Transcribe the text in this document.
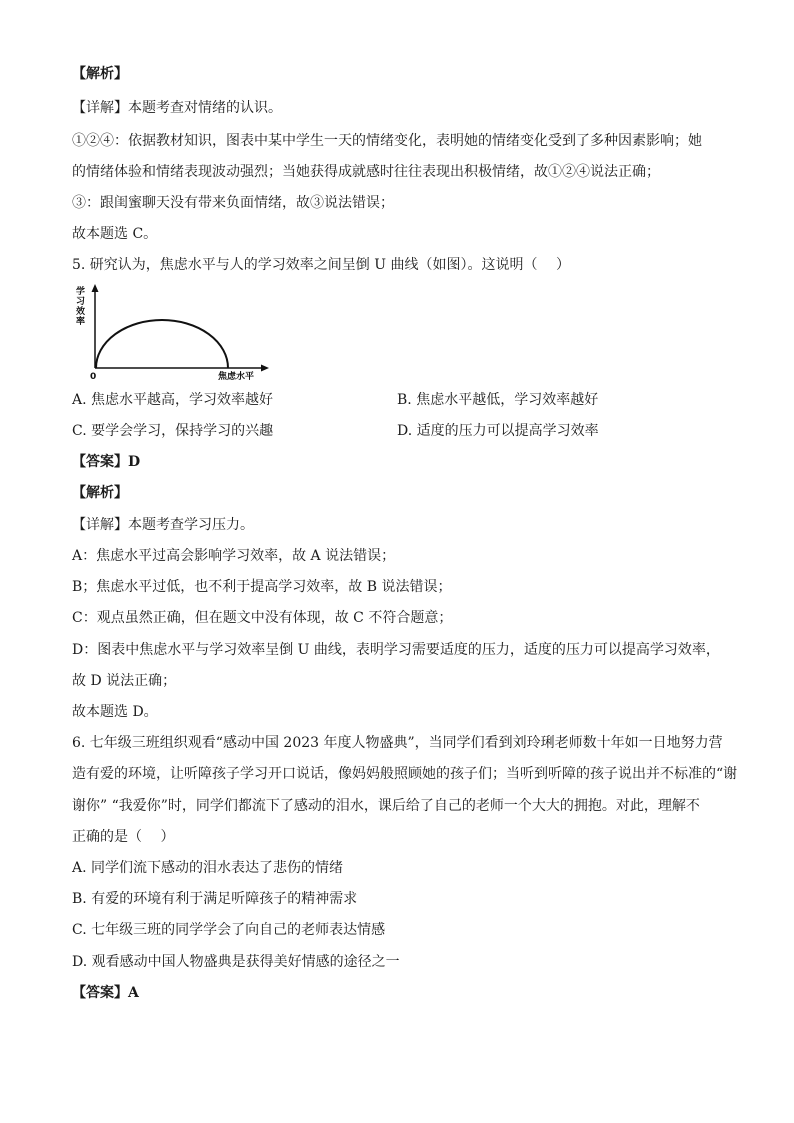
【解析】
【详解】本题考查对情绪的认识。
①②④：依据教材知识，图表中某中学生一天的情绪变化，表明她的情绪变化受到了多种因素影响；她
的情绪体验和情绪表现波动强烈；当她获得成就感时往往表现出积极情绪，故①②④说法正确；
③：跟闺蜜聊天没有带来负面情绪，故③说法错误；
故本题选 C。
5. 研究认为，焦虑水平与人的学习效率之间呈倒 U 曲线（如图）。这说明（　 ）
学习效率
0	焦虑水平
A. 焦虑水平越高，学习效率越好	B. 焦虑水平越低，学习效率越好
C. 要学会学习，保持学习的兴趣	D. 适度的压力可以提高学习效率
【答案】D
【解析】
【详解】本题考查学习压力。
A：焦虑水平过高会影响学习效率，故 A 说法错误；
B；焦虑水平过低，也不利于提高学习效率，故 B 说法错误；
C：观点虽然正确，但在题文中没有体现，故 C 不符合题意；
D：图表中焦虑水平与学习效率呈倒 U 曲线，表明学习需要适度的压力，适度的压力可以提高学习效率，
故 D 说法正确；
故本题选 D。
6. 七年级三班组织观看“感动中国 2023 年度人物盛典”，当同学们看到刘玲琍老师数十年如一日地努力营
造有爱的环境，让听障孩子学习开口说话，像妈妈般照顾她的孩子们；当听到听障的孩子说出并不标准的“谢
谢你” “我爱你”时，同学们都流下了感动的泪水，课后给了自己的老师一个大大的拥抱。对此，理解不
正确的是（　 ）
A. 同学们流下感动的泪水表达了悲伤的情绪
B. 有爱的环境有利于满足听障孩子的精神需求
C. 七年级三班的同学学会了向自己的老师表达情感
D. 观看感动中国人物盛典是获得美好情感的途径之一
【答案】A
